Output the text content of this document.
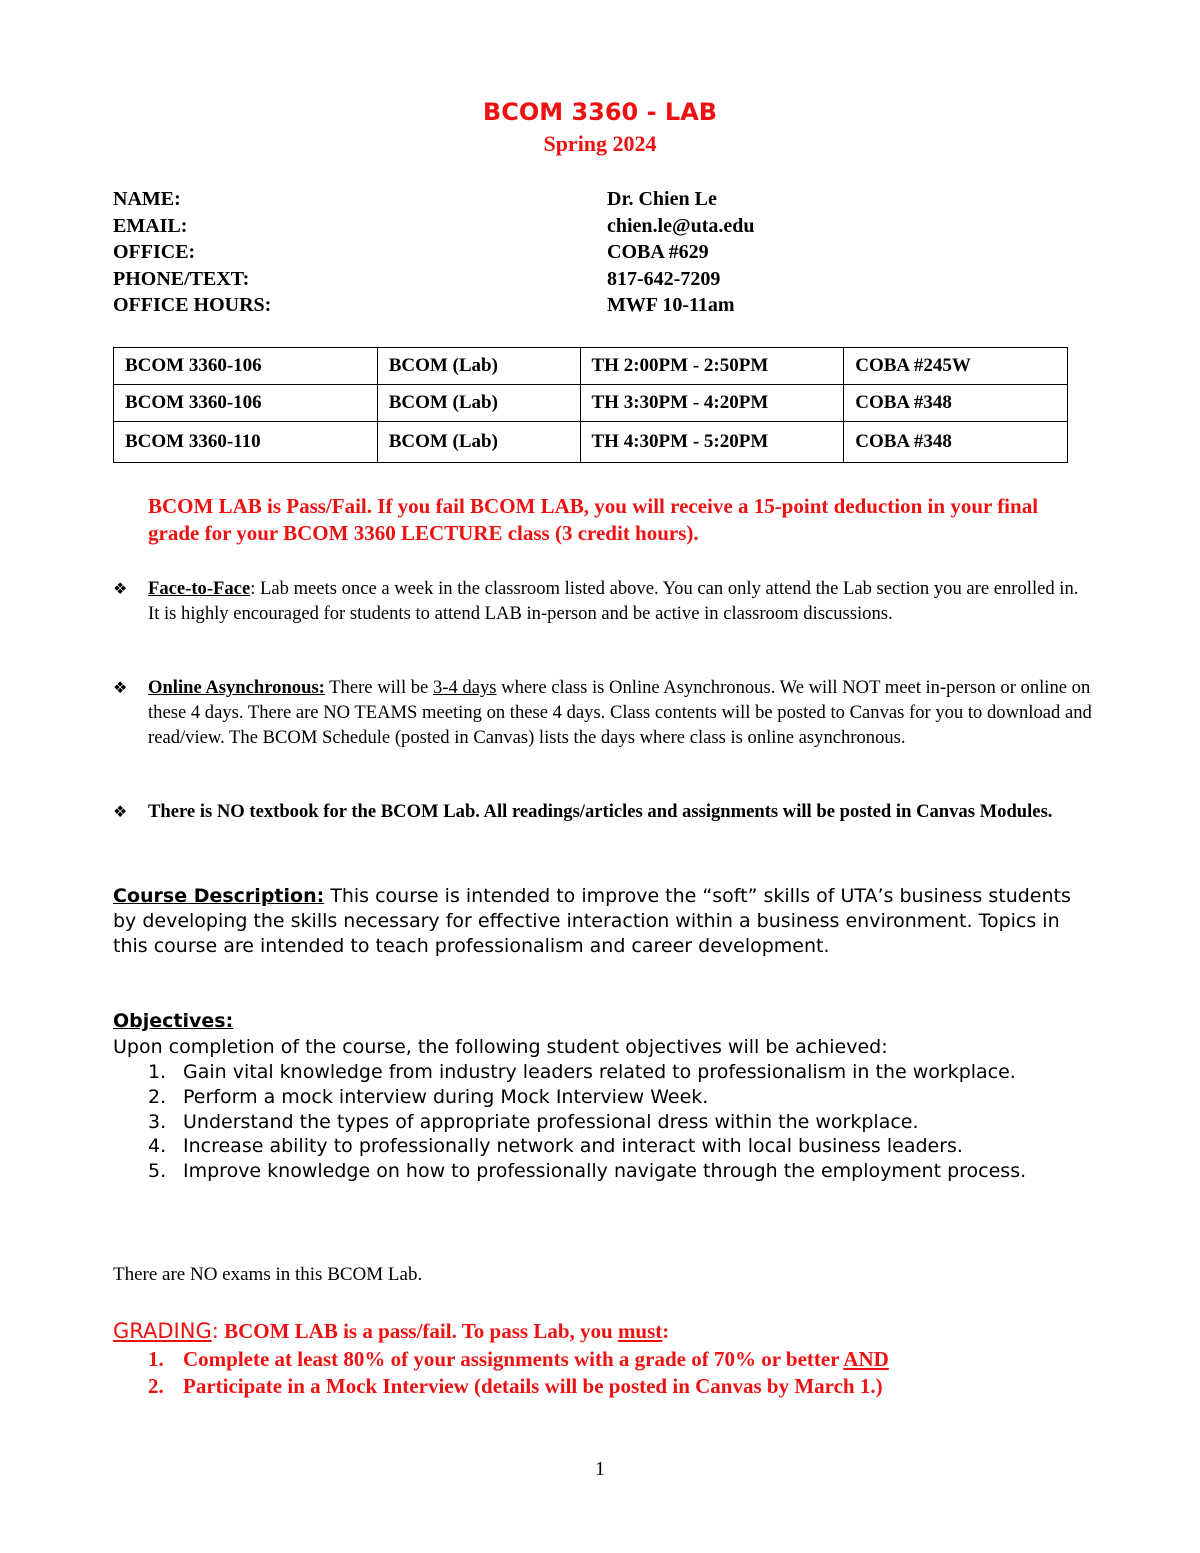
BCOM 3360 - LAB
Spring 2024
NAME:	Dr. Chien Le
EMAIL:	chien.le@uta.edu
OFFICE:	COBA #629
PHONE/TEXT:	817-642-7209
OFFICE HOURS:	MWF 10-11am
BCOM 3360-106	BCOM (Lab)	TH 2:00PM - 2:50PM	COBA #245W
BCOM 3360-106	BCOM (Lab)	TH 3:30PM - 4:20PM	COBA #348
BCOM 3360-110	BCOM (Lab)	TH 4:30PM - 5:20PM	COBA #348
BCOM LAB is Pass/Fail. If you fail BCOM LAB, you will receive a 15-point deduction in your final grade for your BCOM 3360 LECTURE class (3 credit hours).
❖	Face-to-Face: Lab meets once a week in the classroom listed above. You can only attend the Lab section you are enrolled in. It is highly encouraged for students to attend LAB in-person and be active in classroom discussions.
❖	Online Asynchronous: There will be 3-4 days where class is Online Asynchronous. We will NOT meet in-person or online on these 4 days. There are NO TEAMS meeting on these 4 days. Class contents will be posted to Canvas for you to download and read/view. The BCOM Schedule (posted in Canvas) lists the days where class is online asynchronous.
❖	There is NO textbook for the BCOM Lab. All readings/articles and assignments will be posted in Canvas Modules.
Course Description: This course is intended to improve the “soft” skills of UTA’s business students by developing the skills necessary for effective interaction within a business environment. Topics in this course are intended to teach professionalism and career development.
Objectives:
Upon completion of the course, the following student objectives will be achieved:
1. Gain vital knowledge from industry leaders related to professionalism in the workplace.
2. Perform a mock interview during Mock Interview Week.
3. Understand the types of appropriate professional dress within the workplace.
4. Increase ability to professionally network and interact with local business leaders.
5. Improve knowledge on how to professionally navigate through the employment process.
There are NO exams in this BCOM Lab.
GRADING: BCOM LAB is a pass/fail. To pass Lab, you must:
1. Complete at least 80% of your assignments with a grade of 70% or better AND
2. Participate in a Mock Interview (details will be posted in Canvas by March 1.)
1
